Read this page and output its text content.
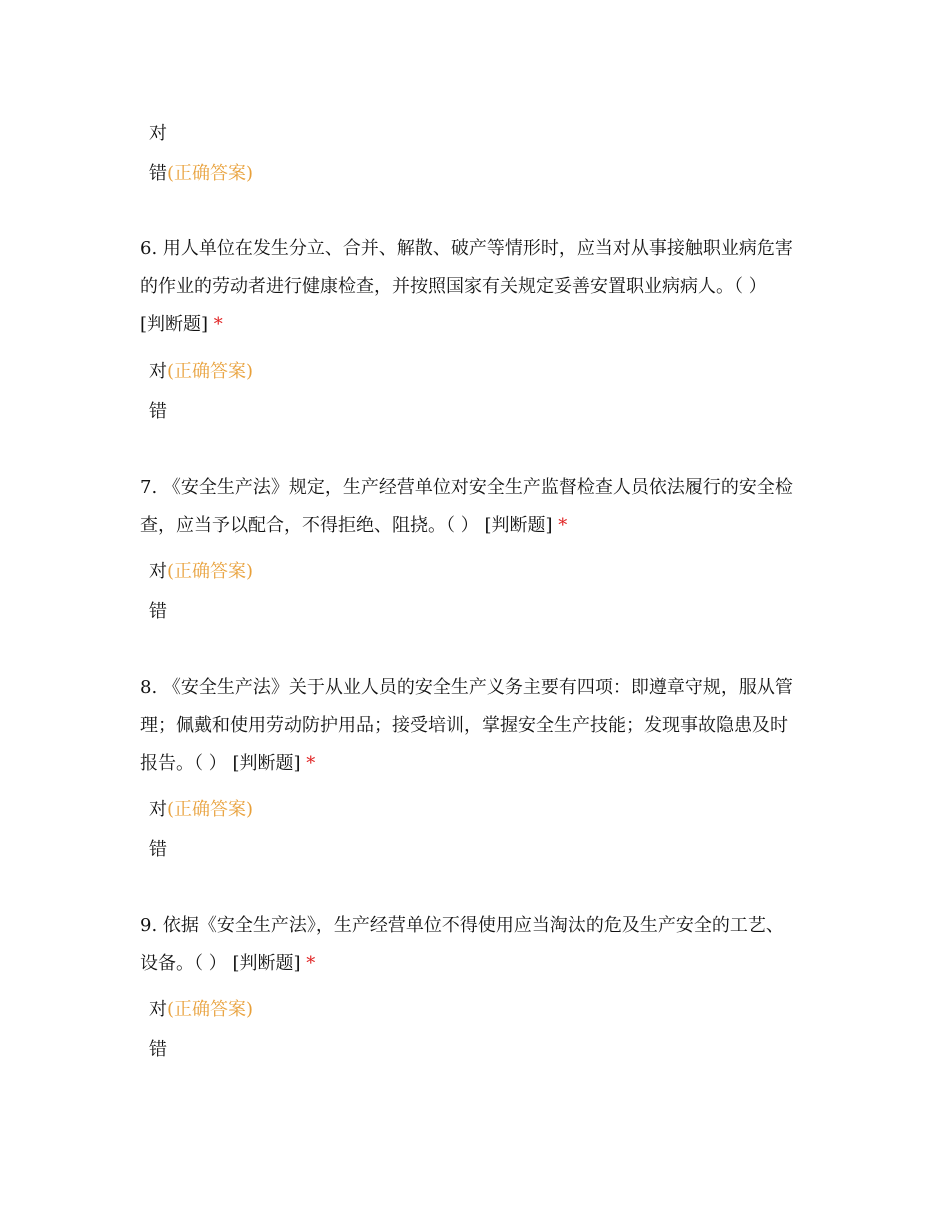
对
错(正确答案)
6. 用人单位在发生分立、合并、解散、破产等情形时，应当对从事接触职业病危害
的作业的劳动者进行健康检查，并按照国家有关规定妥善安置职业病病人。（ ）
[判断题] *
对(正确答案)
错
7. 《安全生产法》规定，生产经营单位对安全生产监督检查人员依法履行的安全检
查，应当予以配合，不得拒绝、阻挠。（ ） [判断题] *
对(正确答案)
错
8. 《安全生产法》关于从业人员的安全生产义务主要有四项：即遵章守规，服从管
理；佩戴和使用劳动防护用品；接受培训，掌握安全生产技能；发现事故隐患及时
报告。（ ） [判断题] *
对(正确答案)
错
9. 依据《安全生产法》，生产经营单位不得使用应当淘汰的危及生产安全的工艺、
设备。（ ） [判断题] *
对(正确答案)
错
